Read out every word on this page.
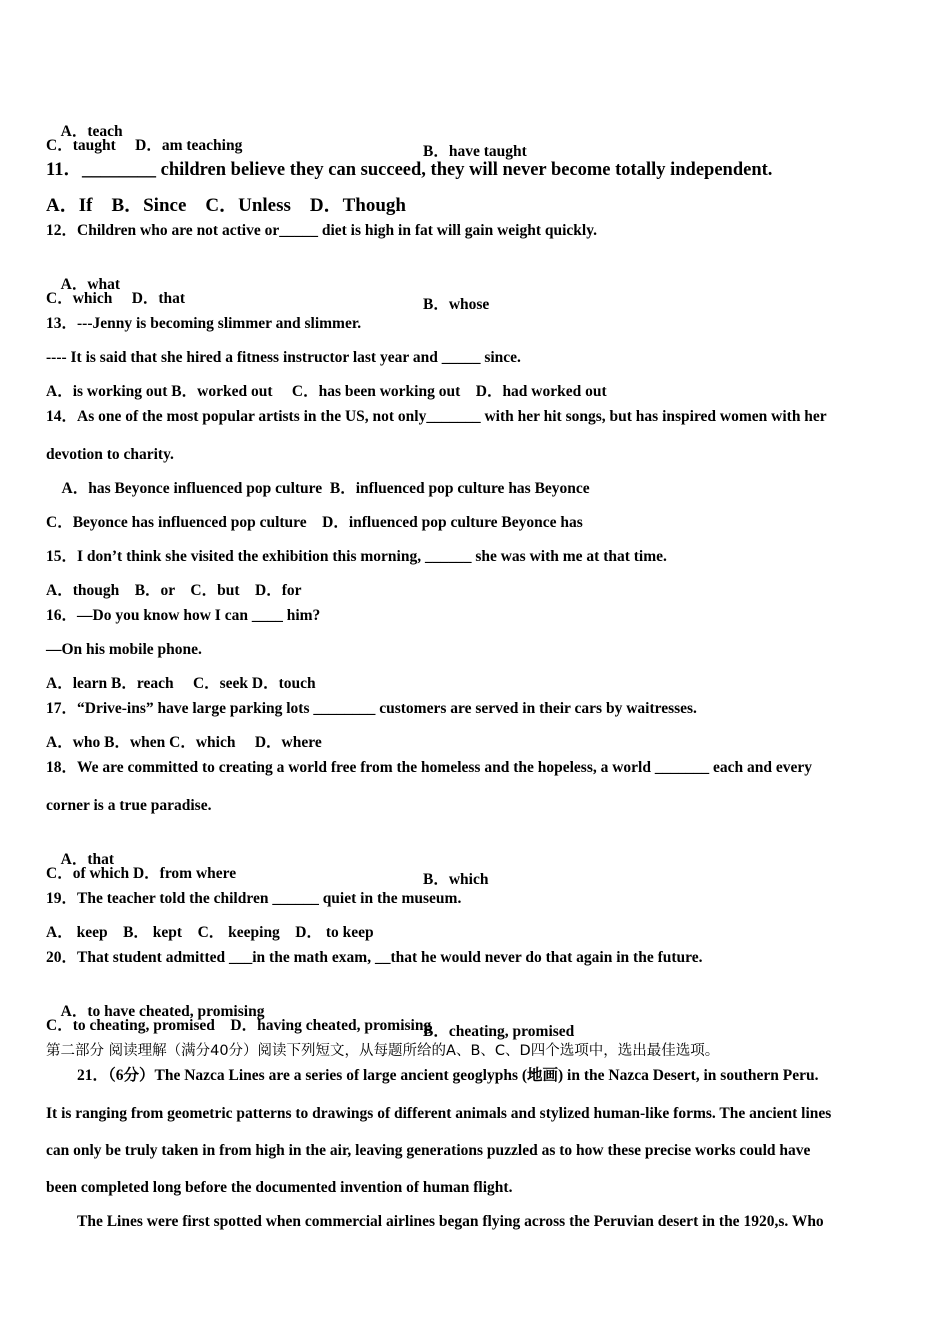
A．teach

B．have taught

C．taught　 D．am teaching
11．________ children believe they can succeed, they will never become totally independent.
A．If　B．Since　C．Unless　D．Though
12．Children who are not active or_____ diet is high in fat will gain weight quickly.

A．what

B．whose

C．which　 D．that
13．---Jenny is becoming slimmer and slimmer.
---- It is said that she hired a fitness instructor last year and _____ since.
A．is working out B．worked out　 C．has been working out　D．had worked out
14．As one of the most popular artists in the US, not only_______ with her hit songs, but has inspired women with her
devotion to charity.
　A．has Beyonce influenced pop culture  B．influenced pop culture has Beyonce
C．Beyonce has influenced pop culture　D．influenced pop culture Beyonce has
15．I don’t think she visited the exhibition this morning, ______ she was with me at that time.
A．though　B．or　C．but　D．for
16．—Do you know how I can ____ him?
—On his mobile phone.
A．learn B．reach　 C．seek D．touch
17．“Drive-ins” have large parking lots ________ customers are served in their cars by waitresses.
A．who B．when C．which　 D．where
18．We are committed to creating a world free from the homeless and the hopeless, a world _______ each and every
corner is a true paradise.

A．that

B．which

C．of which D．from where
19．The teacher told the children ______ quiet in the museum.
A． keep　B． kept　C． keeping　D． to keep
20．That student admitted ___in the math exam, __that he would never do that again in the future.

A．to have cheated, promising

B．cheating, promised

C．to cheating, promised　D．having cheated, promising
第二部分 阅读理解（满分40分）阅读下列短文，从每题所给的A、B、C、D四个选项中，选出最佳选项。
　　21．（6分）The Nazca Lines are a series of large ancient geoglyphs (地画) in the Nazca Desert, in southern Peru.
It is ranging from geometric patterns to drawings of different animals and stylized human-like forms. The ancient lines
can only be truly taken in from high in the air, leaving generations puzzled as to how these precise works could have
been completed long before the documented invention of human flight.
　　The Lines were first spotted when commercial airlines began flying across the Peruvian desert in the 1920,s. Who
